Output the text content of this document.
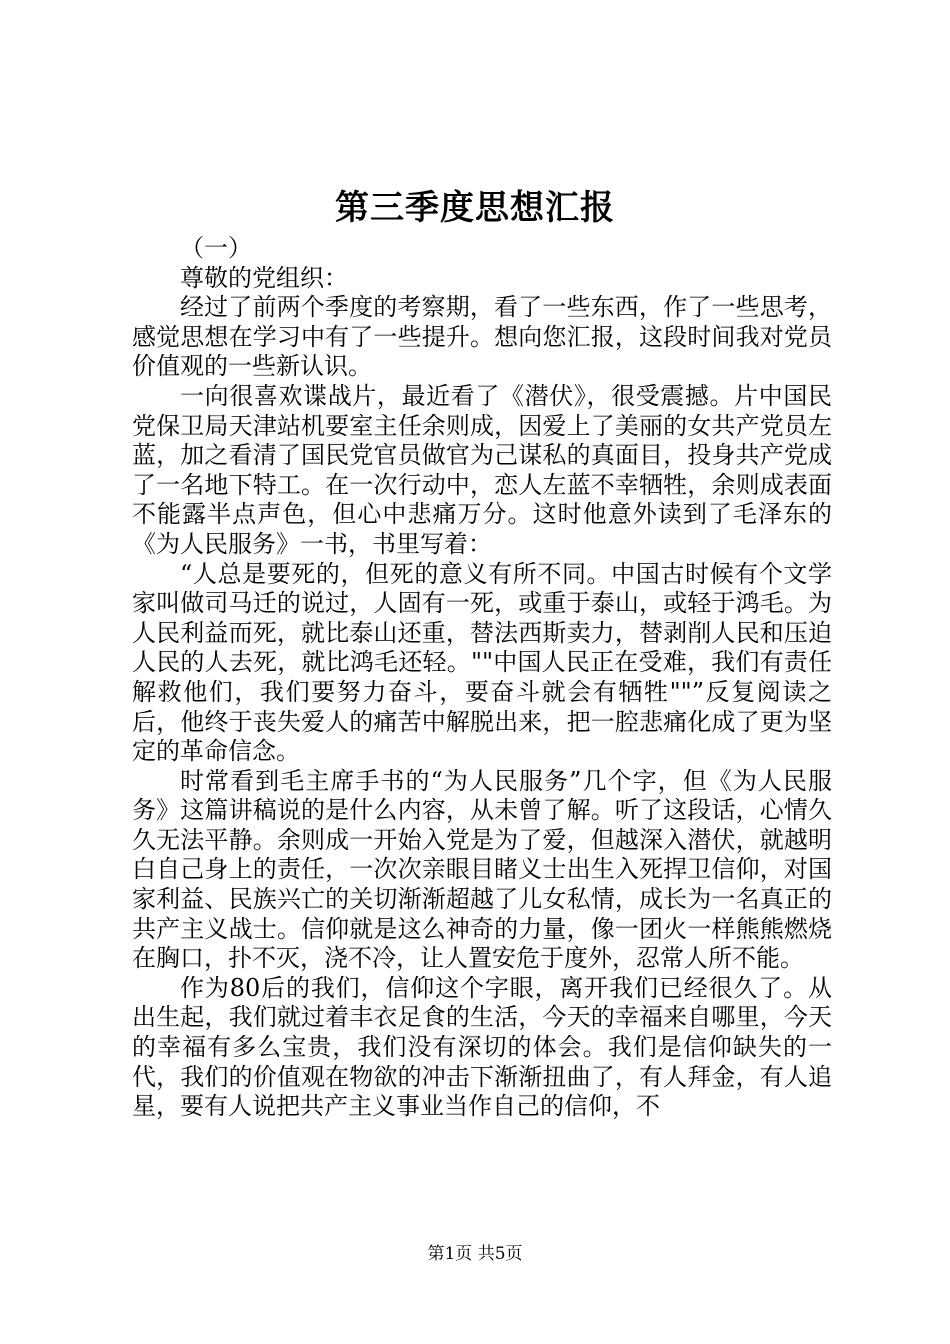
第三季度思想汇报

（一）

尊敬的党组织：

经过了前两个季度的考察期，看了一些东西，作了一些思考，感觉思想在学习中有了一些提升。想向您汇报，这段时间我对党员价值观的一些新认识。

一向很喜欢谍战片，最近看了《潜伏》，很受震撼。片中国民党保卫局天津站机要室主任余则成，因爱上了美丽的女共产党员左蓝，加之看清了国民党官员做官为己谋私的真面目，投身共产党成了一名地下特工。在一次行动中，恋人左蓝不幸牺牲，余则成表面不能露半点声色，但心中悲痛万分。这时他意外读到了毛泽东的《为人民服务》一书，书里写着：

“人总是要死的，但死的意义有所不同。中国古时候有个文学家叫做司马迁的说过，人固有一死，或重于泰山，或轻于鸿毛。为人民利益而死，就比泰山还重，替法西斯卖力，替剥削人民和压迫人民的人去死，就比鸿毛还轻。""中国人民正在受难，我们有责任解救他们，我们要努力奋斗，要奋斗就会有牺牲""”反复阅读之后，他终于丧失爱人的痛苦中解脱出来，把一腔悲痛化成了更为坚定的革命信念。

时常看到毛主席手书的“为人民服务”几个字，但《为人民服务》这篇讲稿说的是什么内容，从未曾了解。听了这段话，心情久久无法平静。余则成一开始入党是为了爱，但越深入潜伏，就越明白自己身上的责任，一次次亲眼目睹义士出生入死捍卫信仰，对国家利益、民族兴亡的关切渐渐超越了儿女私情，成长为一名真正的共产主义战士。信仰就是这么神奇的力量，像一团火一样熊熊燃烧在胸口，扑不灭，浇不冷，让人置安危于度外，忍常人所不能。

作为80后的我们，信仰这个字眼，离开我们已经很久了。从出生起，我们就过着丰衣足食的生活，今天的幸福来自哪里，今天的幸福有多么宝贵，我们没有深切的体会。我们是信仰缺失的一代，我们的价值观在物欲的冲击下渐渐扭曲了，有人拜金，有人追星，要有人说把共产主义事业当作自己的信仰，不

第1页 共5页
